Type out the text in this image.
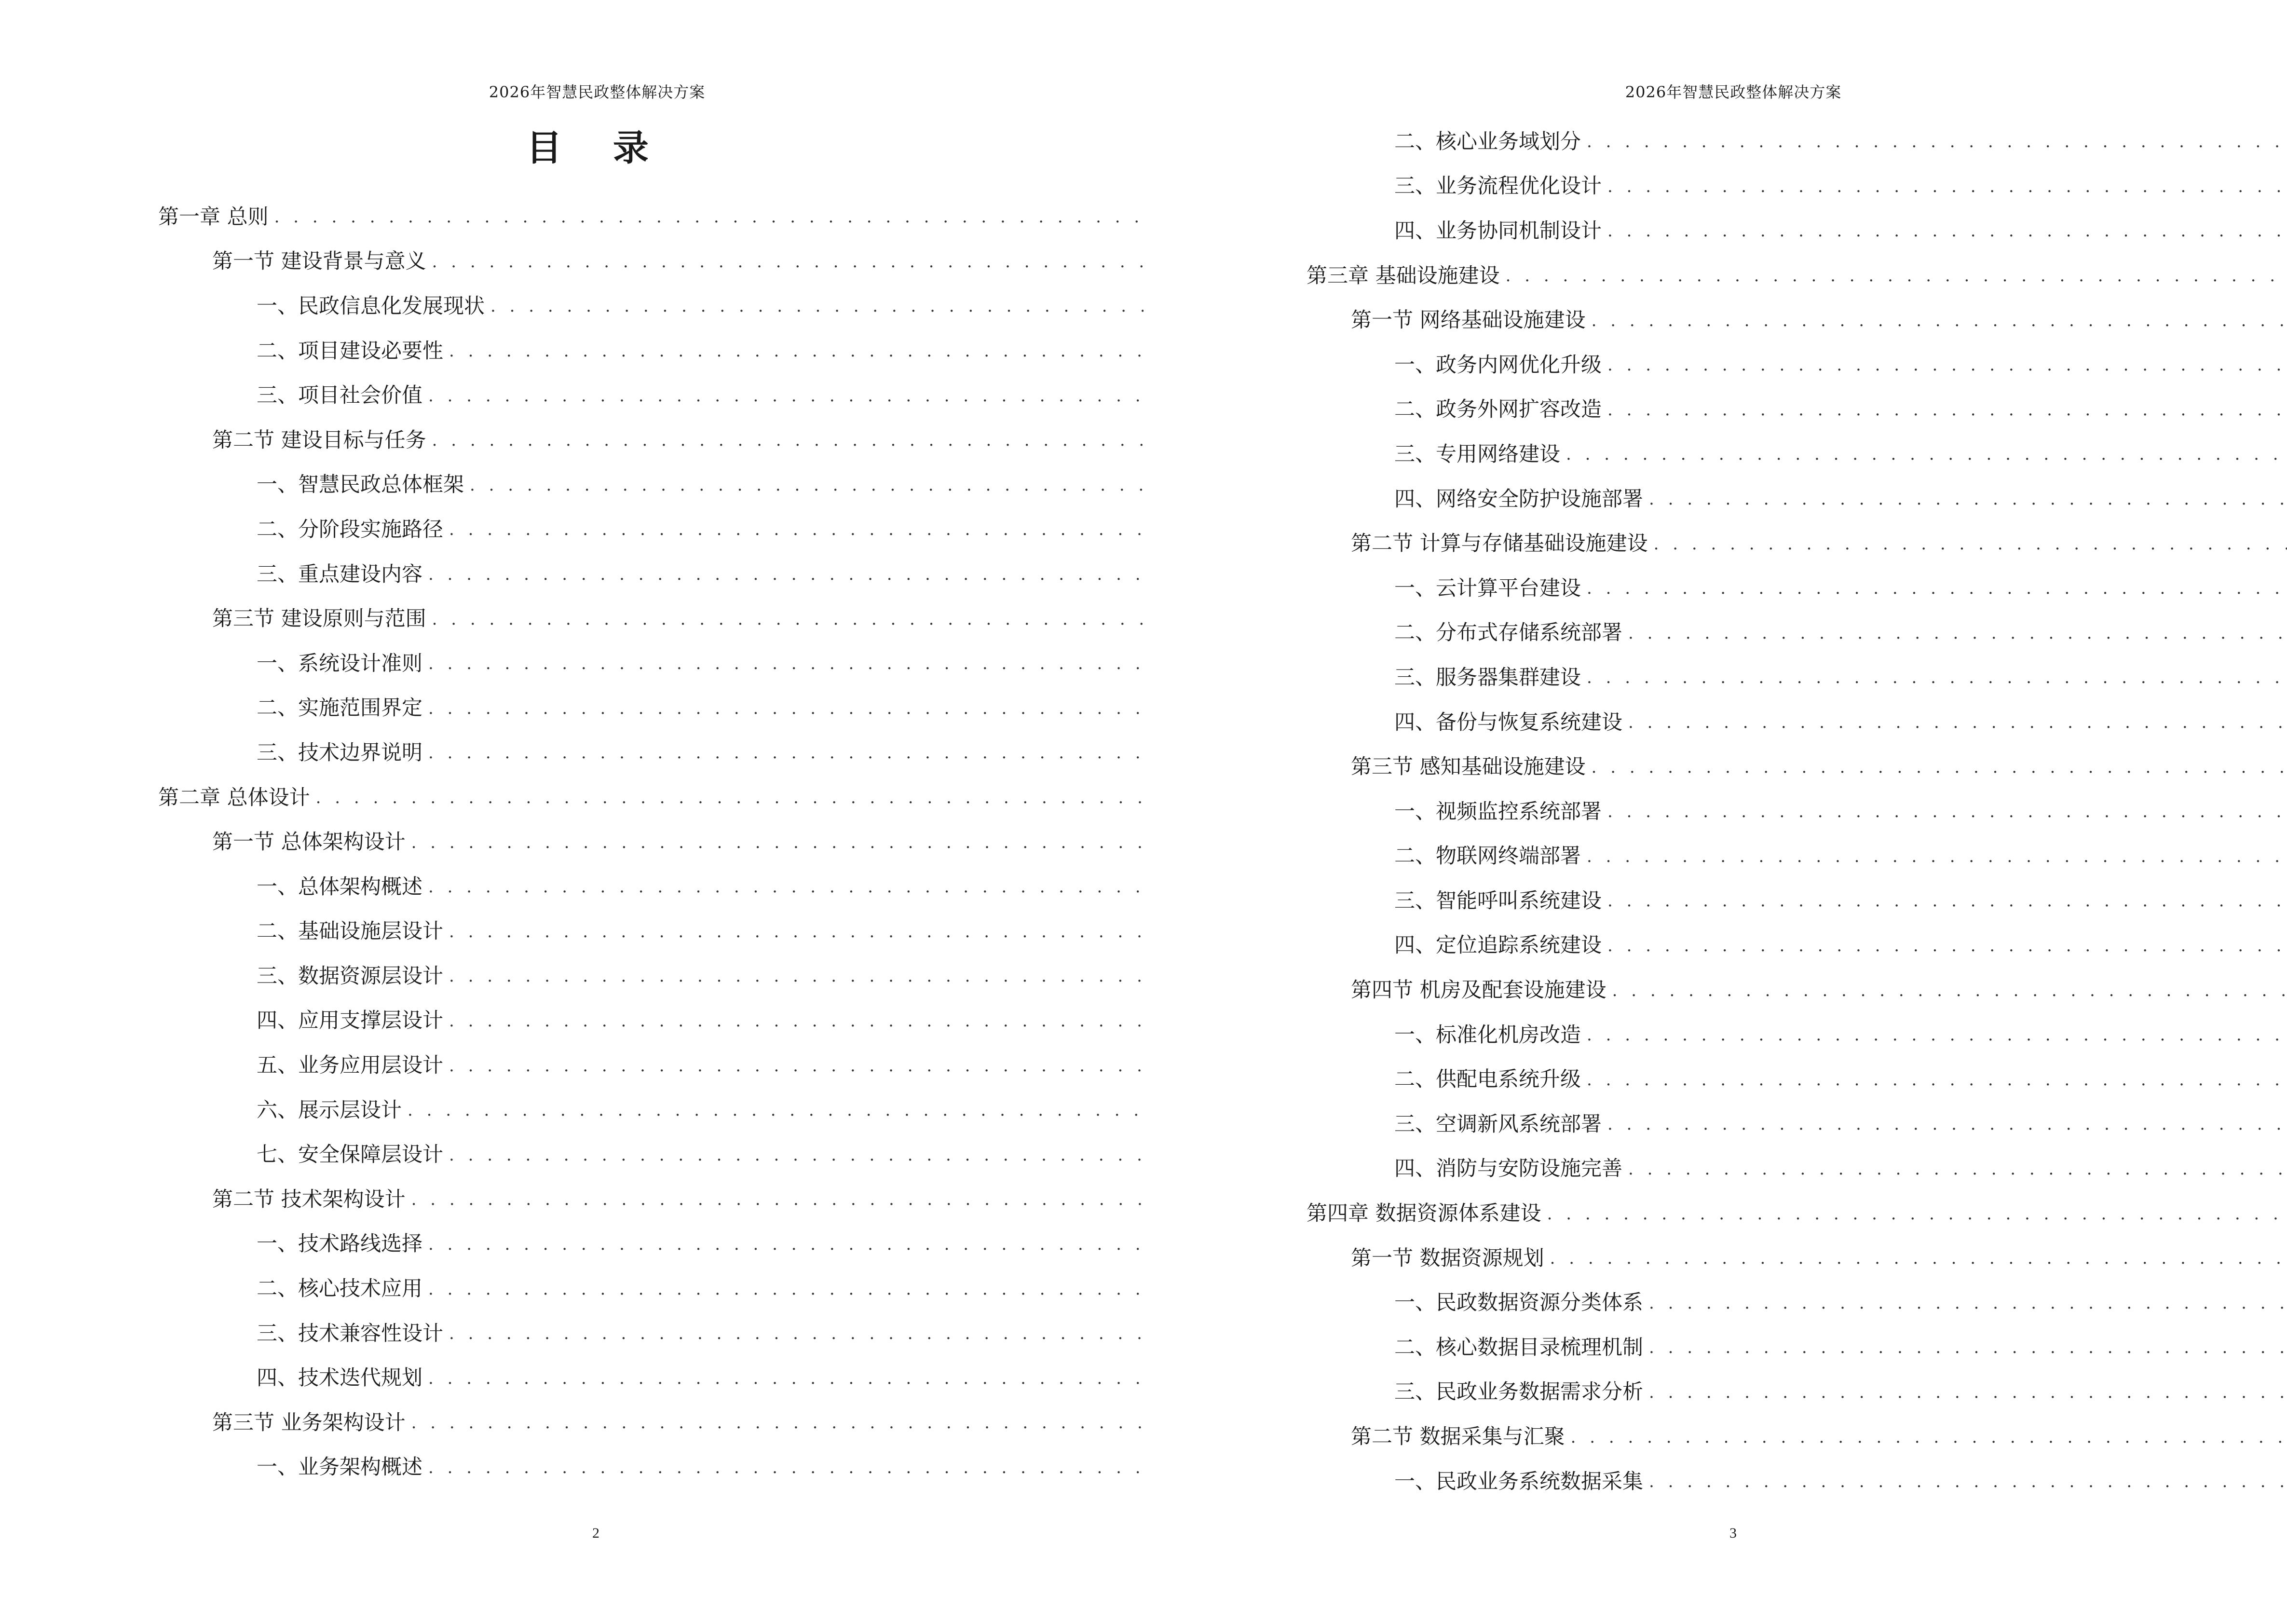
2026年智慧民政整体解决方案
目 录
第一章 总则
. . .
第一节 建设背景与意义
. . .
一、民政信息化发展现状
. . .
二、项目建设必要性
. . .
三、项目社会价值
. . .
第二节 建设目标与任务
. . .
一、智慧民政总体框架
. . .
二、分阶段实施路径
. . .
三、重点建设内容
. . .
第三节 建设原则与范围
. . .
一、系统设计准则
. . .
二、实施范围界定
. . .
三、技术边界说明
. . .
第二章 总体设计
. . .
第一节 总体架构设计
. . .
一、总体架构概述
. . .
二、基础设施层设计
. . .
三、数据资源层设计
. . .
四、应用支撑层设计
. . .
五、业务应用层设计
. . .
六、展示层设计
. . .
七、安全保障层设计
. . .
第二节 技术架构设计
. . .
一、技术路线选择
. . .
二、核心技术应用
. . .
三、技术兼容性设计
. . .
四、技术迭代规划
. . .
第三节 业务架构设计
. . .
一、业务架构概述
. . .
2
2026年智慧民政整体解决方案
二、核心业务域划分
. . .
三、业务流程优化设计
. . .
四、业务协同机制设计
. . .
第三章 基础设施建设
. . .
第一节 网络基础设施建设
. . .
一、政务内网优化升级
. . .
二、政务外网扩容改造
. . .
三、专用网络建设
. . .
四、网络安全防护设施部署
. . .
第二节 计算与存储基础设施建设
. . .
一、云计算平台建设
. . .
二、分布式存储系统部署
. . .
三、服务器集群建设
. . .
四、备份与恢复系统建设
. . .
第三节 感知基础设施建设
. . .
一、视频监控系统部署
. . .
二、物联网终端部署
. . .
三、智能呼叫系统建设
. . .
四、定位追踪系统建设
. . .
第四节 机房及配套设施建设
. . .
一、标准化机房改造
. . .
二、供配电系统升级
. . .
三、空调新风系统部署
. . .
四、消防与安防设施完善
. . .
第四章 数据资源体系建设
. . .
第一节 数据资源规划
. . .
一、民政数据资源分类体系
. . .
二、核心数据目录梳理机制
. . .
三、民政业务数据需求分析
. . .
第二节 数据采集与汇聚
. . .
一、民政业务系统数据采集
. . .
3
